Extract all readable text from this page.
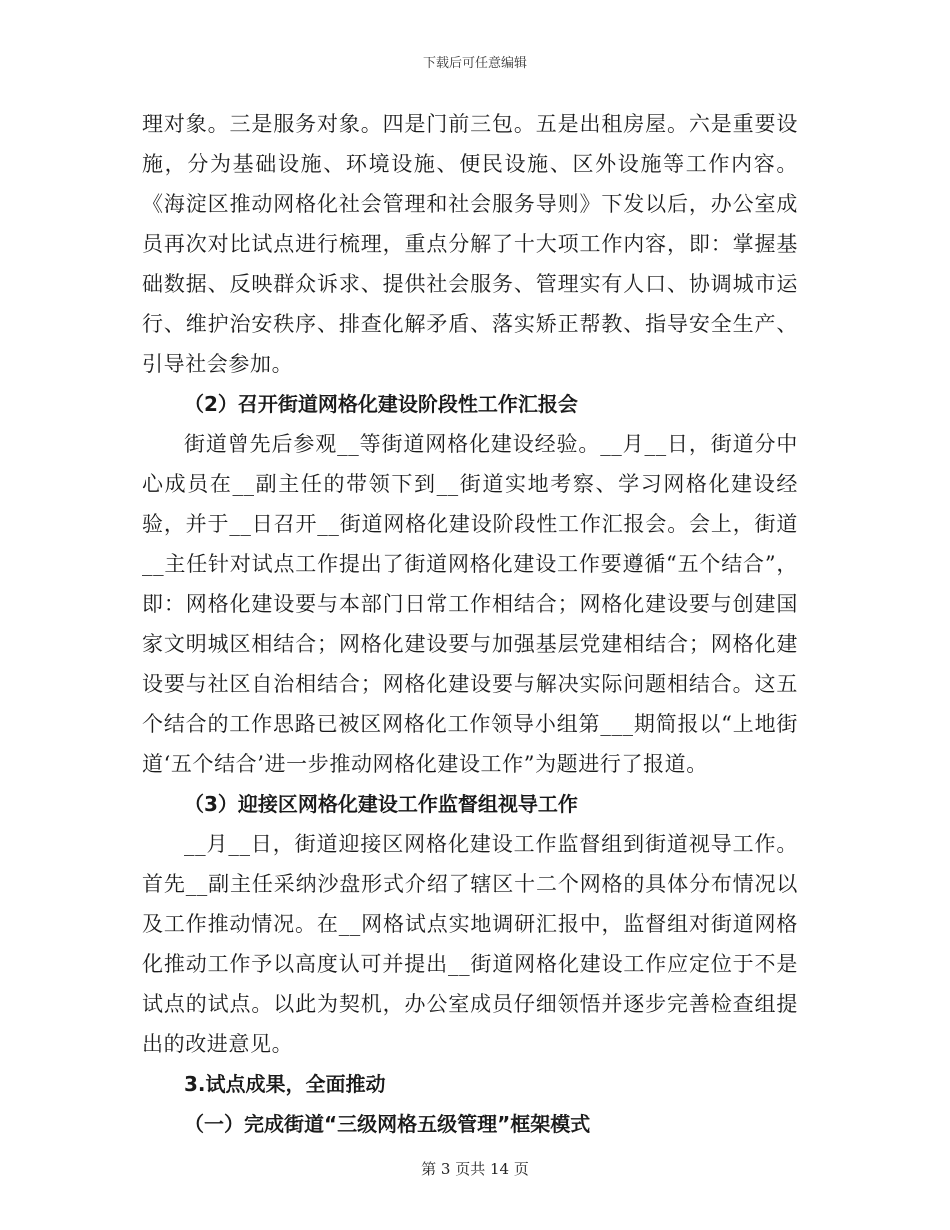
下载后可任意编辑

理对象。三是服务对象。四是门前三包。五是出租房屋。六是重要设施，分为基础设施、环境设施、便民设施、区外设施等工作内容。《海淀区推动网格化社会管理和社会服务导则》下发以后，办公室成员再次对比试点进行梳理，重点分解了十大项工作内容，即：掌握基础数据、反映群众诉求、提供社会服务、管理实有人口、协调城市运行、维护治安秩序、排查化解矛盾、落实矫正帮教、指导安全生产、引导社会参加。

（2）召开街道网格化建设阶段性工作汇报会

街道曾先后参观__等街道网格化建设经验。__月__日，街道分中心成员在__副主任的带领下到__街道实地考察、学习网格化建设经验，并于__日召开__街道网格化建设阶段性工作汇报会。会上，街道__主任针对试点工作提出了街道网格化建设工作要遵循“五个结合”，即：网格化建设要与本部门日常工作相结合；网格化建设要与创建国家文明城区相结合；网格化建设要与加强基层党建相结合；网格化建设要与社区自治相结合；网格化建设要与解决实际问题相结合。这五个结合的工作思路已被区网格化工作领导小组第___期简报以“上地街道‘五个结合’进一步推动网格化建设工作”为题进行了报道。

（3）迎接区网格化建设工作监督组视导工作

__月__日，街道迎接区网格化建设工作监督组到街道视导工作。首先__副主任采纳沙盘形式介绍了辖区十二个网格的具体分布情况以及工作推动情况。在__网格试点实地调研汇报中，监督组对街道网格化推动工作予以高度认可并提出__街道网格化建设工作应定位于不是试点的试点。以此为契机，办公室成员仔细领悟并逐步完善检查组提出的改进意见。

3.试点成果，全面推动

（一）完成街道“三级网格五级管理”框架模式

第 3 页共 14 页
